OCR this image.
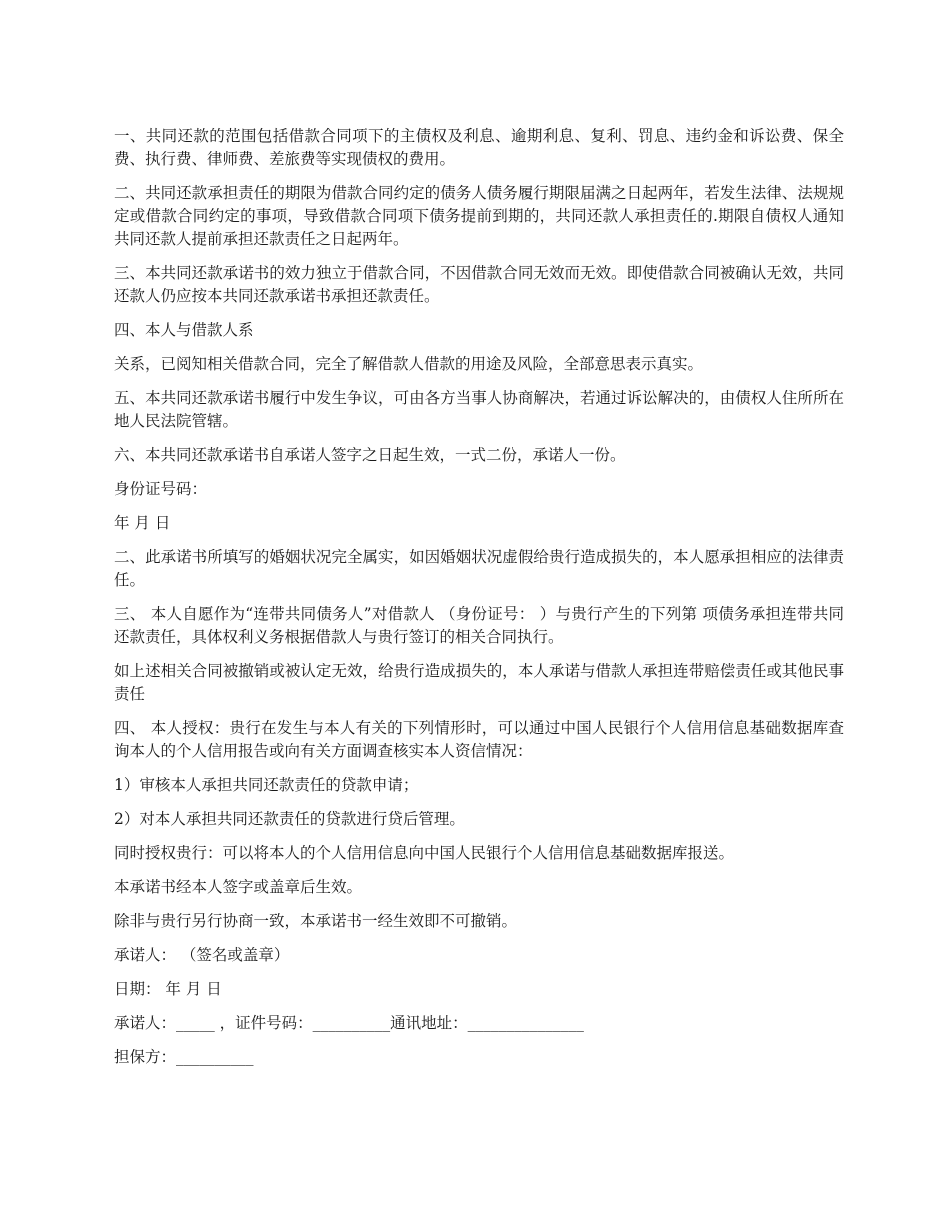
一、共同还款的范围包括借款合同项下的主债权及利息、逾期利息、复利、罚息、违约金和诉讼费、保全费、执行费、律师费、差旅费等实现债权的费用。

二、共同还款承担责任的期限为借款合同约定的债务人债务履行期限届满之日起两年，若发生法律、法规规定或借款合同约定的事项，导致借款合同项下债务提前到期的，共同还款人承担责任的.期限自债权人通知共同还款人提前承担还款责任之日起两年。

三、本共同还款承诺书的效力独立于借款合同，不因借款合同无效而无效。即使借款合同被确认无效，共同还款人仍应按本共同还款承诺书承担还款责任。

四、本人与借款人系

关系，已阅知相关借款合同，完全了解借款人借款的用途及风险，全部意思表示真实。

五、本共同还款承诺书履行中发生争议，可由各方当事人协商解决，若通过诉讼解决的，由债权人住所所在地人民法院管辖。

六、本共同还款承诺书自承诺人签字之日起生效，一式二份，承诺人一份。

身份证号码：

年 月 日

二、此承诺书所填写的婚姻状况完全属实，如因婚姻状况虚假给贵行造成损失的，本人愿承担相应的法律责任。

三、 本人自愿作为“连带共同债务人”对借款人 （身份证号： ）与贵行产生的下列第 项债务承担连带共同还款责任，具体权利义务根据借款人与贵行签订的相关合同执行。

如上述相关合同被撤销或被认定无效，给贵行造成损失的，本人承诺与借款人承担连带赔偿责任或其他民事责任

四、 本人授权：贵行在发生与本人有关的下列情形时，可以通过中国人民银行个人信用信息基础数据库查询本人的个人信用报告或向有关方面调查核实本人资信情况：

1）审核本人承担共同还款责任的贷款申请；

2）对本人承担共同还款责任的贷款进行贷后管理。

同时授权贵行：可以将本人的个人信用信息向中国人民银行个人信用信息基础数据库报送。

本承诺书经本人签字或盖章后生效。

除非与贵行另行协商一致，本承诺书一经生效即不可撤销。

承诺人： （签名或盖章）

日期： 年 月 日

承诺人：_____ ，证件号码：__________通讯地址：_______________

担保方：__________
